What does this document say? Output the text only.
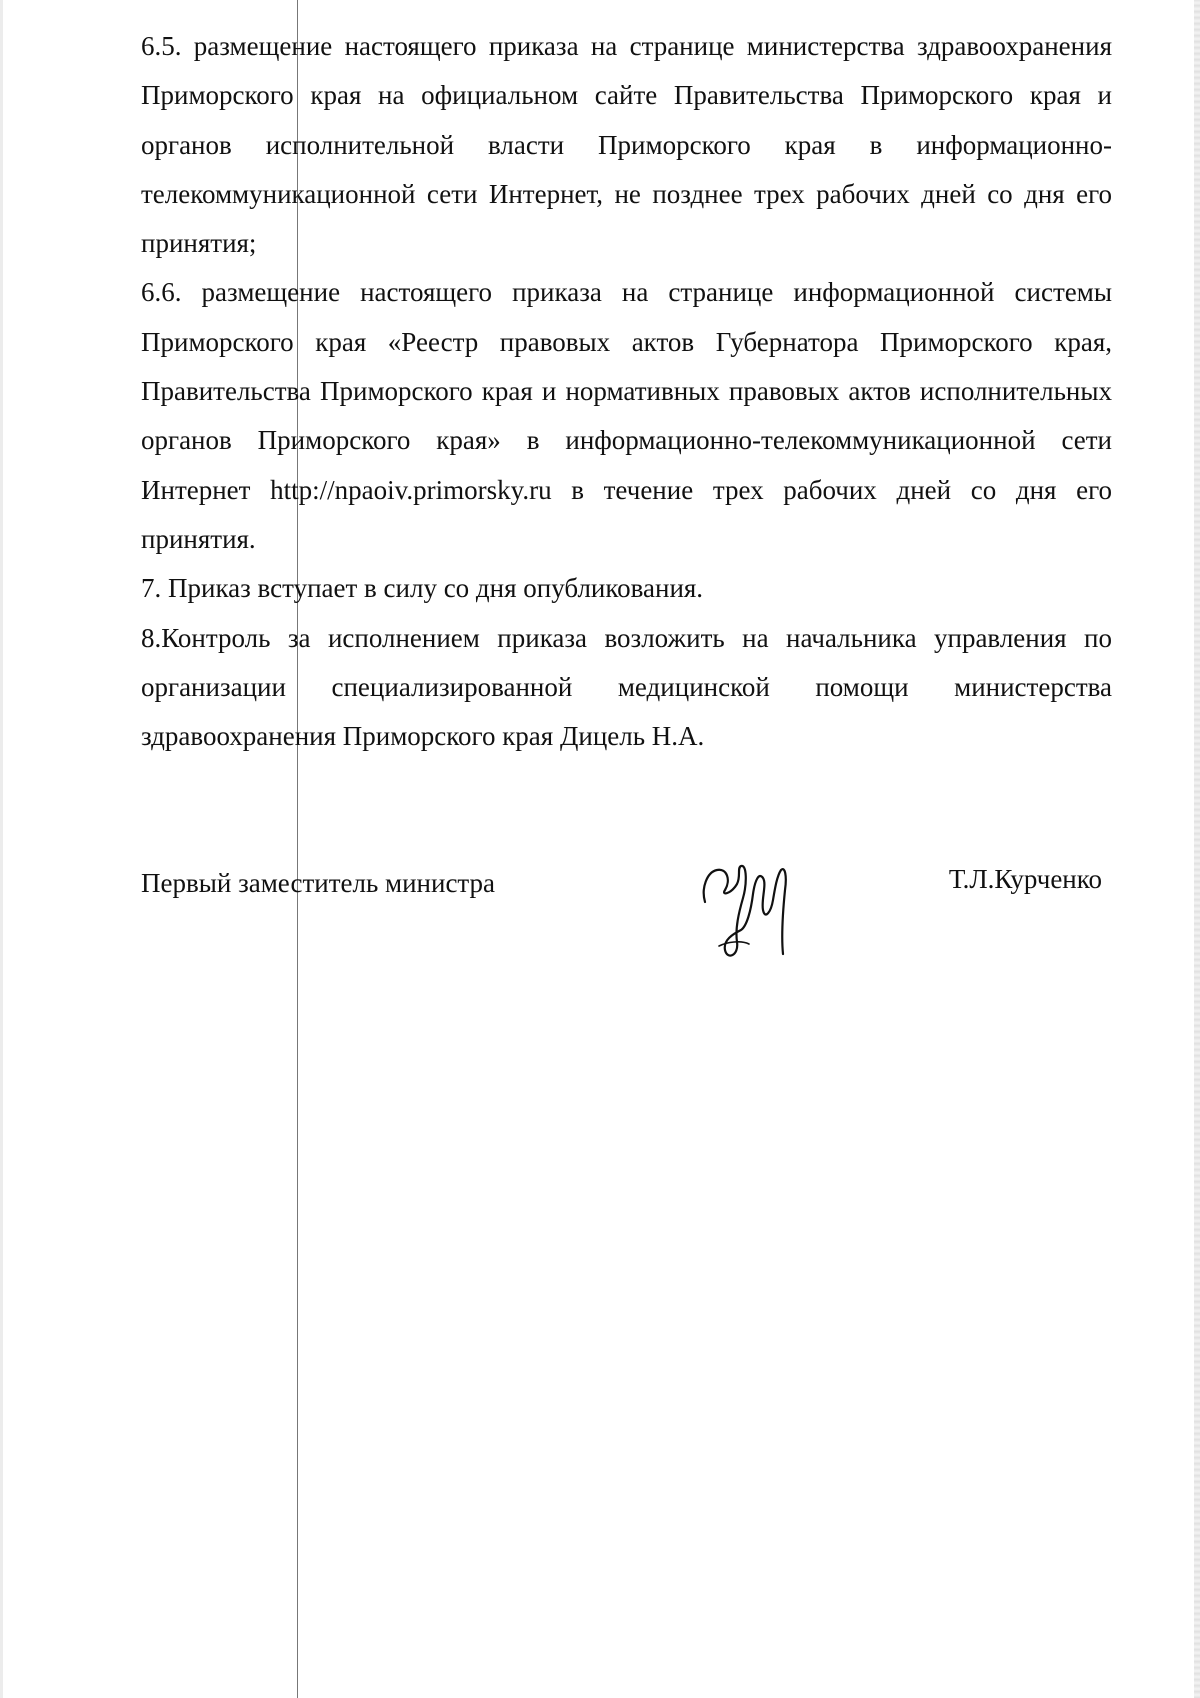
6.5. размещение настоящего приказа на странице министерства здравоохранения Приморского края на официальном сайте Правительства Приморского края и органов исполнительной власти Приморского края в информационно-телекоммуникационной сети Интернет, не позднее трех рабочих дней со дня его принятия;

6.6. размещение настоящего приказа на странице информационной системы Приморского края «Реестр правовых актов Губернатора Приморского края, Правительства Приморского края и нормативных правовых актов исполнительных органов Приморского края» в информационно-телекоммуникационной сети Интернет http://npaoiv.primorsky.ru в течение трех рабочих дней со дня его принятия.

7. Приказ вступает в силу со дня опубликования.

8.Контроль за исполнением приказа возложить на начальника управления по организации специализированной медицинской помощи министерства здравоохранения Приморского края Дицель Н.А.

Первый заместитель министра	Т.Л.Курченко
